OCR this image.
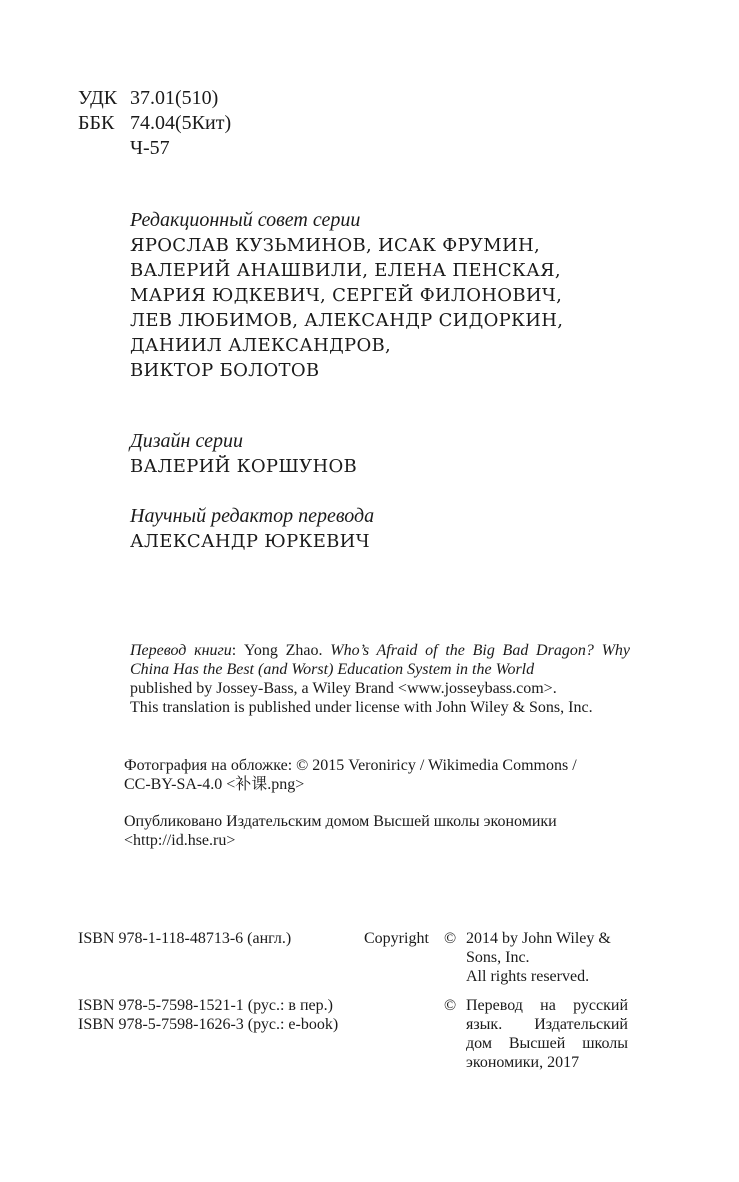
УДК 37.01(510)
ББК 74.04(5Кит)
Ч-57
Редакционный совет серии
ЯРОСЛАВ КУЗЬМИНОВ, ИСАК ФРУМИН,
ВАЛЕРИЙ АНАШВИЛИ, ЕЛЕНА ПЕНСКАЯ,
МАРИЯ ЮДКЕВИЧ, СЕРГЕЙ ФИЛОНОВИЧ,
ЛЕВ ЛЮБИМОВ, АЛЕКСАНДР СИДОРКИН,
ДАНИИЛ АЛЕКСАНДРОВ,
ВИКТОР БОЛОТОВ
Дизайн серии
ВАЛЕРИЙ КОРШУНОВ
Научный редактор перевода
АЛЕКСАНДР ЮРКЕВИЧ
Перевод книги: Yong Zhao. Who’s Afraid of the Big Bad Dragon? Why China Has the Best (and Worst) Education System in the World
published by Jossey-Bass, a Wiley Brand <www.josseybass.com>.
This translation is published under license with John Wiley & Sons, Inc.
Фотография на обложке: © 2015 Veroniricy / Wikimedia Commons /
CC-BY-SA-4.0 <补课.png>
Опубликовано Издательским домом Высшей школы экономики
<http://id.hse.ru>
ISBN 978-1-118-48713-6 (англ.)	Copyright © 2014 by John Wiley &
Sons, Inc.
All rights reserved.
ISBN 978-5-7598-1521-1 (рус.: в пер.)
ISBN 978-5-7598-1626-3 (рус.: e-book)
© Перевод на русский язык. Издательский дом Высшей школы экономики, 2017
